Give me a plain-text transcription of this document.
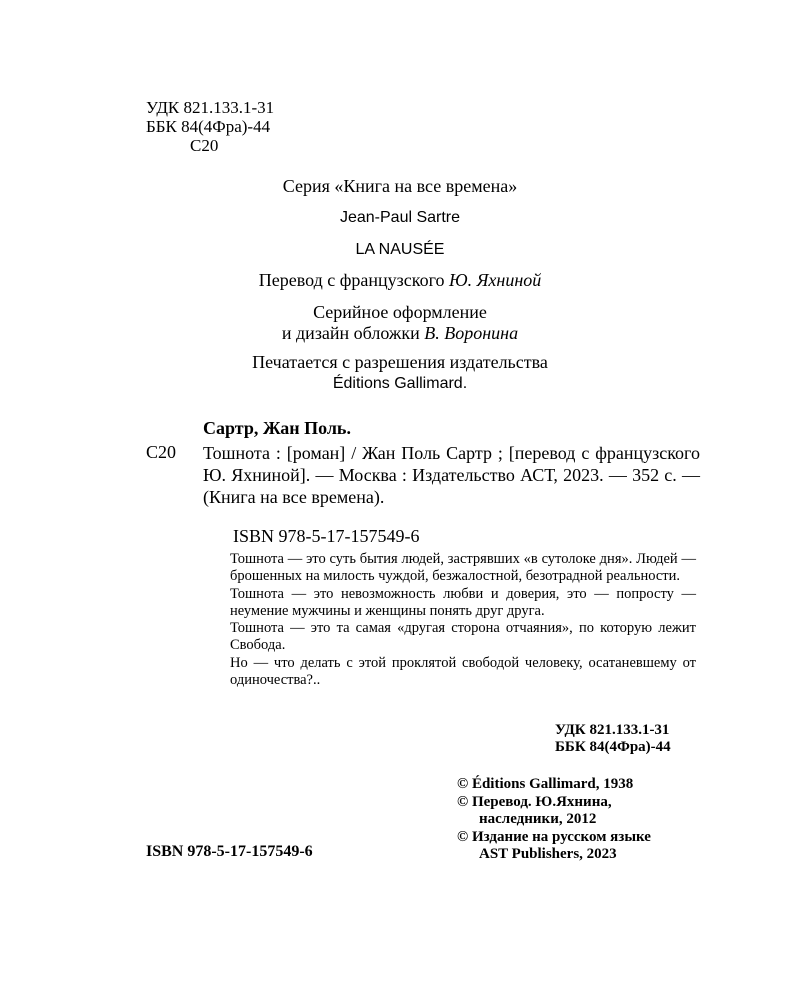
УДК 821.133.1-31
ББК 84(4Фра)-44
С20
Серия «Книга на все времена»
Jean-Paul Sartre
LA NAUSÉE
Перевод с французского Ю. Яхниной
Серийное оформление
и дизайн обложки В. Воронина
Печатается с разрешения издательства
Éditions Gallimard.
Сартр, Жан Поль.
С20 Тошнота : [роман] / Жан Поль Сартр ; [перевод с французского Ю. Яхниной]. — Москва : Издательство АСТ, 2023. — 352 с. — (Книга на все времена).
ISBN 978-5-17-157549-6

Тошнота — это суть бытия людей, застрявших «в сутолоке дня». Людей — брошенных на милость чуждой, безжалостной, безотрадной реальности.

Тошнота — это невозможность любви и доверия, это — попросту — неумение мужчины и женщины понять друг друга.

Тошнота — это та самая «другая сторона отчаяния», по которую лежит Свобода.

Но — что делать с этой проклятой свободой человеку, осатаневшему от одиночества?..

УДК 821.133.1-31
ББК 84(4Фра)-44
© Éditions Gallimard, 1938
© Перевод. Ю.Яхнина,
наследники, 2012
© Издание на русском языке
AST Publishers, 2023
ISBN 978-5-17-157549-6
